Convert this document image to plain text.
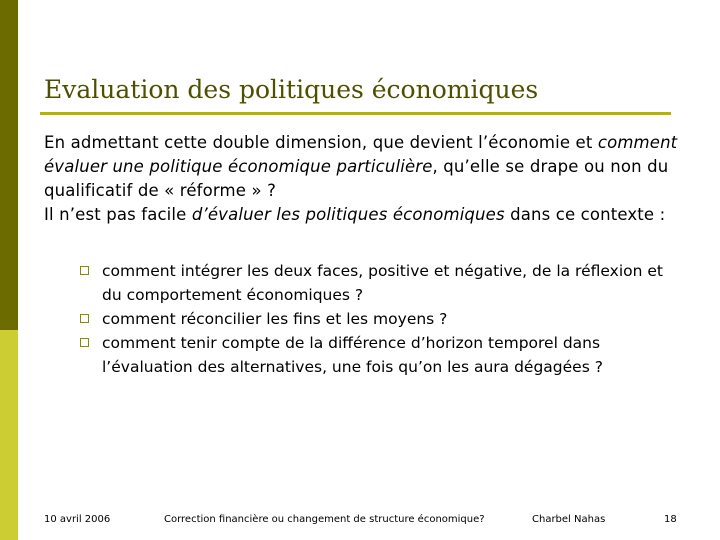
Evaluation des politiques économiques

En admettant cette double dimension, que devient l’économie et comment évaluer une politique économique particulière, qu’elle se drape ou non du qualificatif de « réforme » ?

Il n’est pas facile d’évaluer les politiques économiques dans ce contexte :

comment intégrer les deux faces, positive et négative, de la réflexion et du comportement économiques ?
comment réconcilier les fins et les moyens ?
comment tenir compte de la différence d’horizon temporel dans l’évaluation des alternatives, une fois qu’on les aura dégagées ?
10 avril 2006	Correction financière ou changement de structure économique?	Charbel Nahas	18
